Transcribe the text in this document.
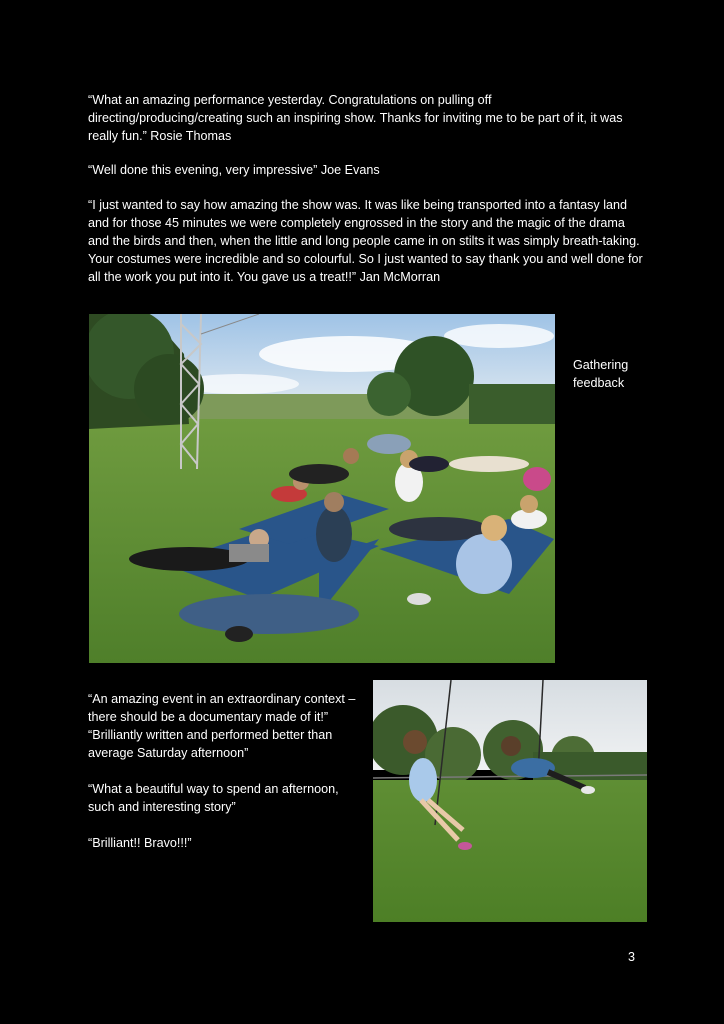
“What an amazing performance yesterday. Congratulations on pulling off directing/producing/creating such an inspiring show. Thanks for inviting me to be part of it, it was really fun.” Rosie Thomas

“Well done this evening, very impressive” Joe Evans

“I just wanted to say how amazing the show was. It was like being transported into a fantasy land and for those 45 minutes we were completely engrossed in the story and the magic of the drama and the birds and then, when the little and long people came in on stilts it was simply breath-taking. Your costumes were incredible and so colourful. So I just wanted to say thank you and well done for all the work you put into it. You gave us a treat!!” Jan McMorran

Gathering
feedback

“An amazing event in an extraordinary context – there should be a documentary made of it!”

“Brilliantly written and performed better than average Saturday afternoon”

“What a beautiful way to spend an afternoon, such and interesting story”

“Brilliant!! Bravo!!!”

3
